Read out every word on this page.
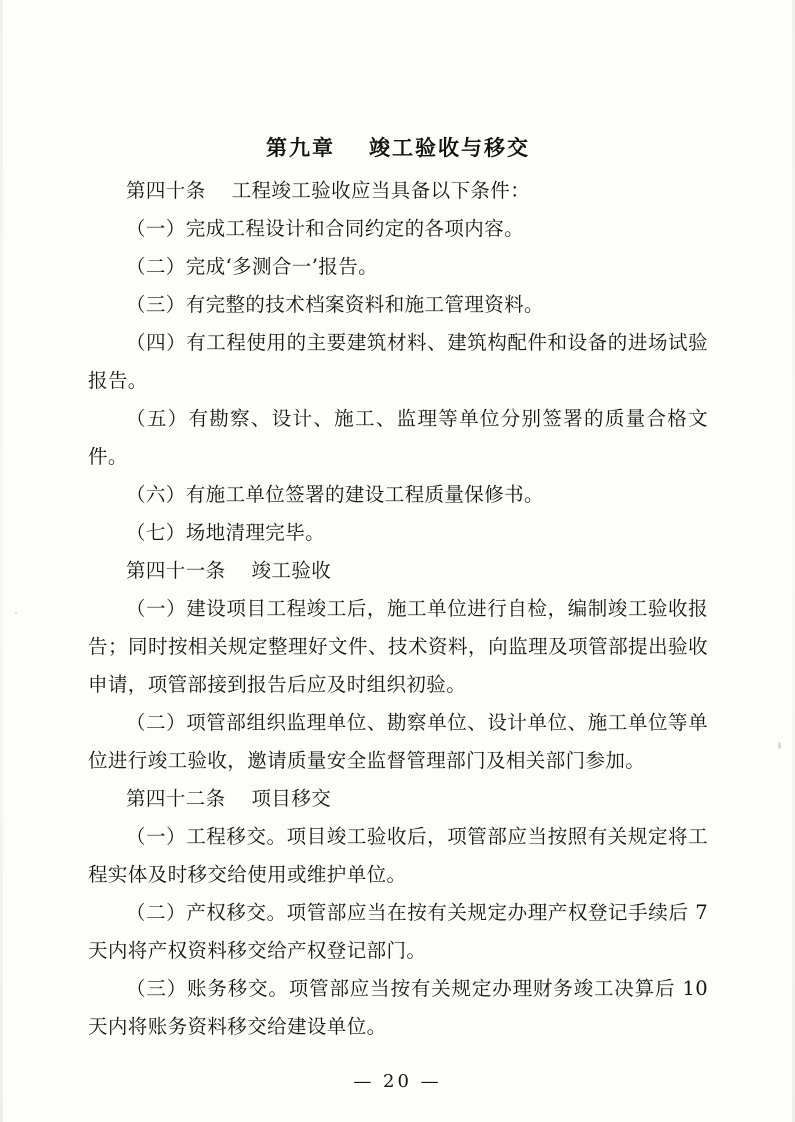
第九章 竣工验收与移交

第四十条 工程竣工验收应当具备以下条件：

（一）完成工程设计和合同约定的各项内容。

（二）完成‘多测合一’报告。

（三）有完整的技术档案资料和施工管理资料。

（四）有工程使用的主要建筑材料、建筑构配件和设备的进场试验报告。

（五）有勘察、设计、施工、监理等单位分别签署的质量合格文件。

（六）有施工单位签署的建设工程质量保修书。

（七）场地清理完毕。

第四十一条 竣工验收

（一）建设项目工程竣工后，施工单位进行自检，编制竣工验收报告；同时按相关规定整理好文件、技术资料，向监理及项管部提出验收申请，项管部接到报告后应及时组织初验。

（二）项管部组织监理单位、勘察单位、设计单位、施工单位等单位进行竣工验收，邀请质量安全监督管理部门及相关部门参加。

第四十二条 项目移交

（一）工程移交。项目竣工验收后，项管部应当按照有关规定将工程实体及时移交给使用或维护单位。

（二）产权移交。项管部应当在按有关规定办理产权登记手续后 7 天内将产权资料移交给产权登记部门。

（三）账务移交。项管部应当按有关规定办理财务竣工决算后 10 天内将账务资料移交给建设单位。

— 20 —
